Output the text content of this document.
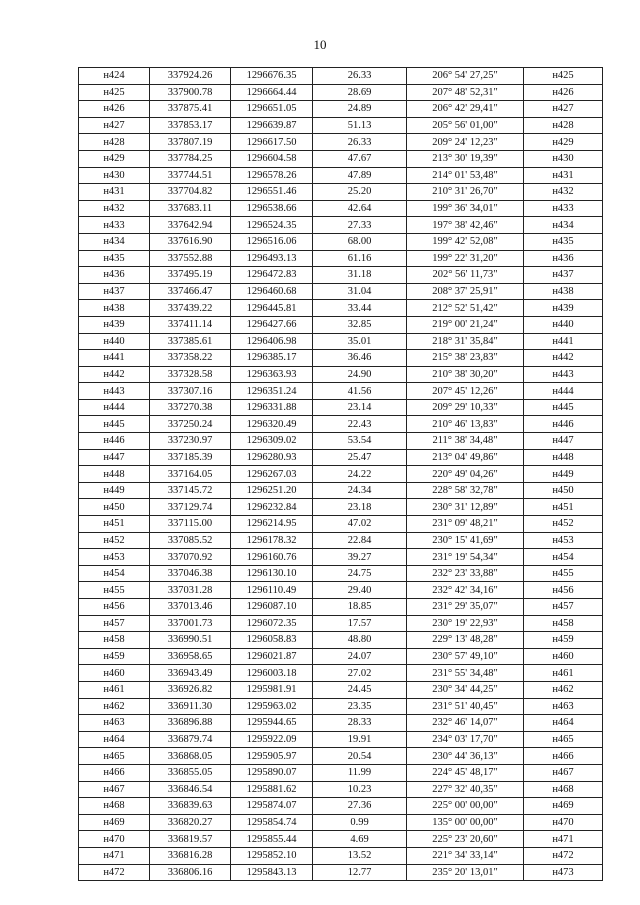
10
н424	337924.26	1296676.35	26.33	206° 54' 27,25"	н425
н425	337900.78	1296664.44	28.69	207° 48' 52,31"	н426
н426	337875.41	1296651.05	24.89	206° 42' 29,41"	н427
н427	337853.17	1296639.87	51.13	205° 56' 01,00"	н428
н428	337807.19	1296617.50	26.33	209° 24' 12,23"	н429
н429	337784.25	1296604.58	47.67	213° 30' 19,39"	н430
н430	337744.51	1296578.26	47.89	214° 01' 53,48"	н431
н431	337704.82	1296551.46	25.20	210° 31' 26,70"	н432
н432	337683.11	1296538.66	42.64	199° 36' 34,01"	н433
н433	337642.94	1296524.35	27.33	197° 38' 42,46"	н434
н434	337616.90	1296516.06	68.00	199° 42' 52,08"	н435
н435	337552.88	1296493.13	61.16	199° 22' 31,20"	н436
н436	337495.19	1296472.83	31.18	202° 56' 11,73"	н437
н437	337466.47	1296460.68	31.04	208° 37' 25,91"	н438
н438	337439.22	1296445.81	33.44	212° 52' 51,42"	н439
н439	337411.14	1296427.66	32.85	219° 00' 21,24"	н440
н440	337385.61	1296406.98	35.01	218° 31' 35,84"	н441
н441	337358.22	1296385.17	36.46	215° 38' 23,83"	н442
н442	337328.58	1296363.93	24.90	210° 38' 30,20"	н443
н443	337307.16	1296351.24	41.56	207° 45' 12,26"	н444
н444	337270.38	1296331.88	23.14	209° 29' 10,33"	н445
н445	337250.24	1296320.49	22.43	210° 46' 13,83"	н446
н446	337230.97	1296309.02	53.54	211° 38' 34,48"	н447
н447	337185.39	1296280.93	25.47	213° 04' 49,86"	н448
н448	337164.05	1296267.03	24.22	220° 49' 04,26"	н449
н449	337145.72	1296251.20	24.34	228° 58' 32,78"	н450
н450	337129.74	1296232.84	23.18	230° 31' 12,89"	н451
н451	337115.00	1296214.95	47.02	231° 09' 48,21"	н452
н452	337085.52	1296178.32	22.84	230° 15' 41,69"	н453
н453	337070.92	1296160.76	39.27	231° 19' 54,34"	н454
н454	337046.38	1296130.10	24.75	232° 23' 33,88"	н455
н455	337031.28	1296110.49	29.40	232° 42' 34,16"	н456
н456	337013.46	1296087.10	18.85	231° 29' 35,07"	н457
н457	337001.73	1296072.35	17.57	230° 19' 22,93"	н458
н458	336990.51	1296058.83	48.80	229° 13' 48,28"	н459
н459	336958.65	1296021.87	24.07	230° 57' 49,10"	н460
н460	336943.49	1296003.18	27.02	231° 55' 34,48"	н461
н461	336926.82	1295981.91	24.45	230° 34' 44,25"	н462
н462	336911.30	1295963.02	23.35	231° 51' 40,45"	н463
н463	336896.88	1295944.65	28.33	232° 46' 14,07"	н464
н464	336879.74	1295922.09	19.91	234° 03' 17,70"	н465
н465	336868.05	1295905.97	20.54	230° 44' 36,13"	н466
н466	336855.05	1295890.07	11.99	224° 45' 48,17"	н467
н467	336846.54	1295881.62	10.23	227° 32' 40,35"	н468
н468	336839.63	1295874.07	27.36	225° 00' 00,00"	н469
н469	336820.27	1295854.74	0.99	135° 00' 00,00"	н470
н470	336819.57	1295855.44	4.69	225° 23' 20,60"	н471
н471	336816.28	1295852.10	13.52	221° 34' 33,14"	н472
н472	336806.16	1295843.13	12.77	235° 20' 13,01"	н473
